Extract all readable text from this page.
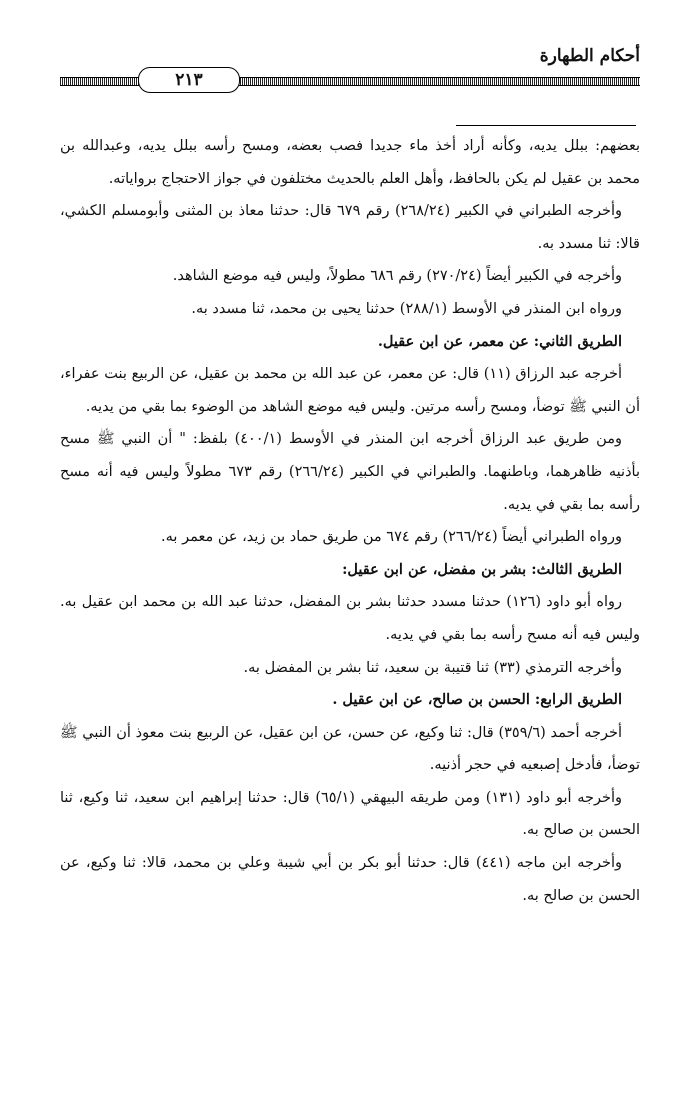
٢١٣
أحكام الطهارة

بعضهم: ببلل يديه، وكأنه أراد أخذ ماء جديدا فصب بعضه، ومسح رأسه ببلل يديه، وعبدالله بن محمد بن عقيل لم يكن بالحافظ، وأهل العلم بالحديث مختلفون في جواز الاحتجاج برواياته.

وأخرجه الطبراني في الكبير (٢٦٨/٢٤) رقم ٦٧٩ قال: حدثنا معاذ بن المثنى وأبومسلم الكشي، قالا: ثنا مسدد به.

وأخرجه في الكبير أيضاً (٢٧٠/٢٤) رقم ٦٨٦ مطولاً، وليس فيه موضع الشاهد.

ورواه ابن المنذر في الأوسط (٢٨٨/١) حدثنا يحيى بن محمد، ثنا مسدد به.

الطريق الثاني: عن معمر، عن ابن عقيل.

أخرجه عبد الرزاق (١١) قال: عن معمر، عن عبد الله بن محمد بن عقيل، عن الربيع بنت عفراء، أن النبي ﷺ توضأ، ومسح رأسه مرتين. وليس فيه موضع الشاهد من الوضوء بما بقي من يديه.

ومن طريق عبد الرزاق أخرجه ابن المنذر في الأوسط (٤٠٠/١) بلفظ: " أن النبي ﷺ مسح بأذنيه ظاهرهما، وباطنهما. والطبراني في الكبير (٢٦٦/٢٤) رقم ٦٧٣ مطولاً وليس فيه أنه مسح رأسه بما بقي في يديه.

ورواه الطبراني أيضاً (٢٦٦/٢٤) رقم ٦٧٤ من طريق حماد بن زيد، عن معمر به.

الطريق الثالث: بشر بن مفضل، عن ابن عقيل:

رواه أبو داود (١٢٦) حدثنا مسدد حدثنا بشر بن المفضل، حدثنا عبد الله بن محمد ابن عقيل به. وليس فيه أنه مسح رأسه بما بقي في يديه.

وأخرجه الترمذي (٣٣) ثنا قتيبة بن سعيد، ثنا بشر بن المفضل به.

الطريق الرابع: الحسن بن صالح، عن ابن عقيل .

أخرجه أحمد (٣٥٩/٦) قال: ثنا وكيع، عن حسن، عن ابن عقيل، عن الربيع بنت معوذ أن النبي ﷺ توضأ، فأدخل إصبعيه في حجر أذنيه.

وأخرجه أبو داود (١٣١) ومن طريقه البيهقي (٦٥/١) قال: حدثنا إبراهيم ابن سعيد، ثنا وكيع، ثنا الحسن بن صالح به.

وأخرجه ابن ماجه (٤٤١) قال: حدثنا أبو بكر بن أبي شيبة وعلي بن محمد، قالا: ثنا وكيع، عن الحسن بن صالح به.
